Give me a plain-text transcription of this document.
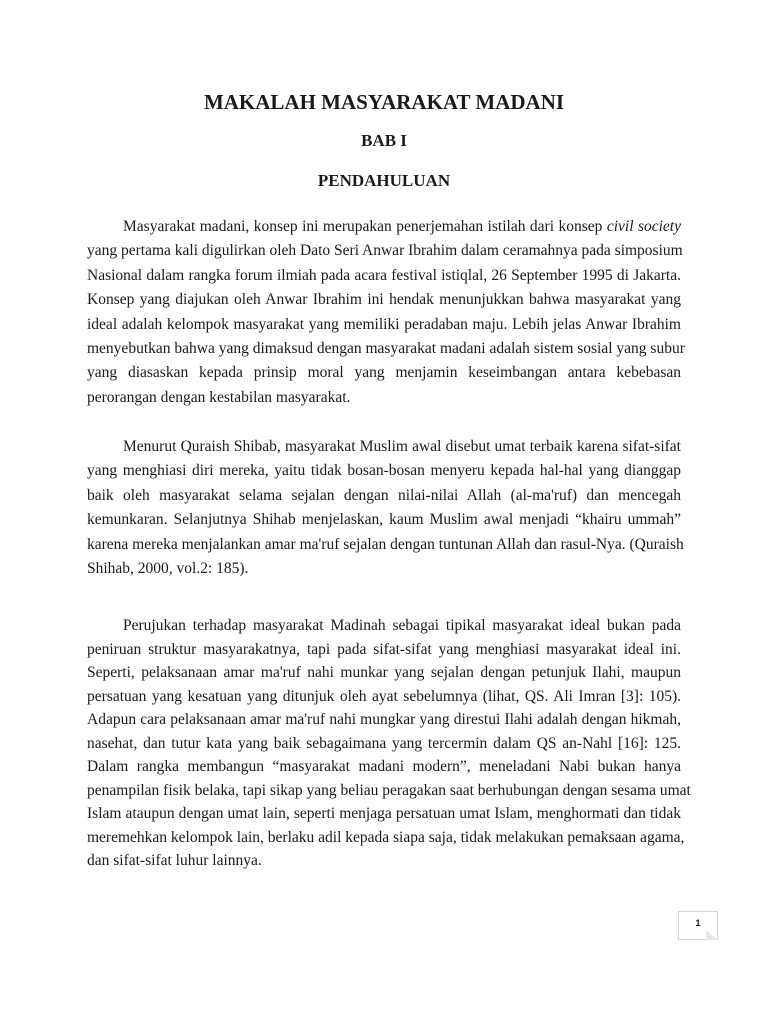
MAKALAH MASYARAKAT MADANI
BAB I
PENDAHULUAN
Masyarakat madani, konsep ini merupakan penerjemahan istilah dari konsep civil society
yang pertama kali digulirkan oleh Dato Seri Anwar Ibrahim dalam ceramahnya pada simposium
Nasional dalam rangka forum ilmiah pada acara festival istiqlal, 26 September 1995 di Jakarta.
Konsep yang diajukan oleh Anwar Ibrahim ini hendak menunjukkan bahwa masyarakat yang
ideal adalah kelompok masyarakat yang memiliki peradaban maju. Lebih jelas Anwar Ibrahim
menyebutkan bahwa yang dimaksud dengan masyarakat madani adalah sistem sosial yang subur
yang diasaskan kepada prinsip moral yang menjamin keseimbangan antara kebebasan
perorangan dengan kestabilan masyarakat.
Menurut Quraish Shibab, masyarakat Muslim awal disebut umat terbaik karena sifat-sifat
yang menghiasi diri mereka, yaitu tidak bosan-bosan menyeru kepada hal-hal yang dianggap
baik oleh masyarakat selama sejalan dengan nilai-nilai Allah (al-ma'ruf) dan mencegah
kemunkaran. Selanjutnya Shihab menjelaskan, kaum Muslim awal menjadi “khairu ummah”
karena mereka menjalankan amar ma'ruf sejalan dengan tuntunan Allah dan rasul-Nya. (Quraish
Shihab, 2000, vol.2: 185).
Perujukan terhadap masyarakat Madinah sebagai tipikal masyarakat ideal bukan pada
peniruan struktur masyarakatnya, tapi pada sifat-sifat yang menghiasi masyarakat ideal ini.
Seperti, pelaksanaan amar ma'ruf nahi munkar yang sejalan dengan petunjuk Ilahi, maupun
persatuan yang kesatuan yang ditunjuk oleh ayat sebelumnya (lihat, QS. Ali Imran [3]: 105).
Adapun cara pelaksanaan amar ma'ruf nahi mungkar yang direstui Ilahi adalah dengan hikmah,
nasehat, dan tutur kata yang baik sebagaimana yang tercermin dalam QS an-Nahl [16]: 125.
Dalam rangka membangun “masyarakat madani modern”, meneladani Nabi bukan hanya
penampilan fisik belaka, tapi sikap yang beliau peragakan saat berhubungan dengan sesama umat
Islam ataupun dengan umat lain, seperti menjaga persatuan umat Islam, menghormati dan tidak
meremehkan kelompok lain, berlaku adil kepada siapa saja, tidak melakukan pemaksaan agama,
dan sifat-sifat luhur lainnya.
1
